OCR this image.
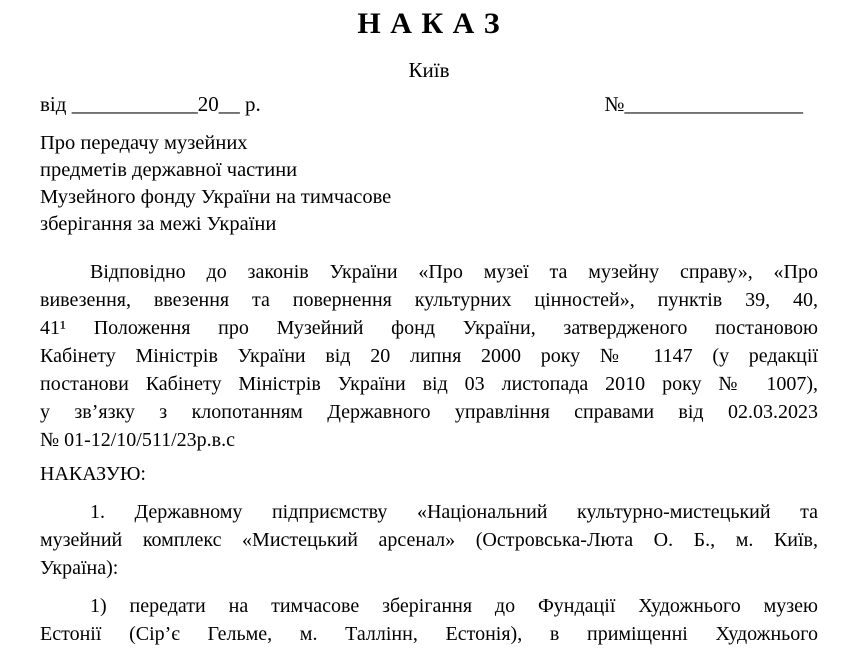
Н А К А З
Київ
від ____________20__ р.	№_________________
Про передачу музейних
предметів державної частини
Музейного фонду України на тимчасове
зберігання за межі України
Відповідно до законів України «Про музеї та музейну справу», «Про
вивезення, ввезення та повернення культурних цінностей», пунктів 39, 40,
41¹ Положення про Музейний фонд України, затвердженого постановою
Кабінету Міністрів України від 20 липня 2000 року № 1147 (у редакції
постанови Кабінету Міністрів України від 03 листопада 2010 року № 1007),
у зв’язку з клопотанням Державного управління справами від 02.03.2023
№ 01-12/10/511/23р.в.с
НАКАЗУЮ:
1. Державному підприємству «Національний культурно-мистецький та
музейний комплекс «Мистецький арсенал» (Островська-Люта О. Б., м. Київ,
Україна):
1) передати на тимчасове зберігання до Фундації Художнього музею
Естонії (Сір’є Гельме, м. Таллінн, Естонія), в приміщенні Художнього
